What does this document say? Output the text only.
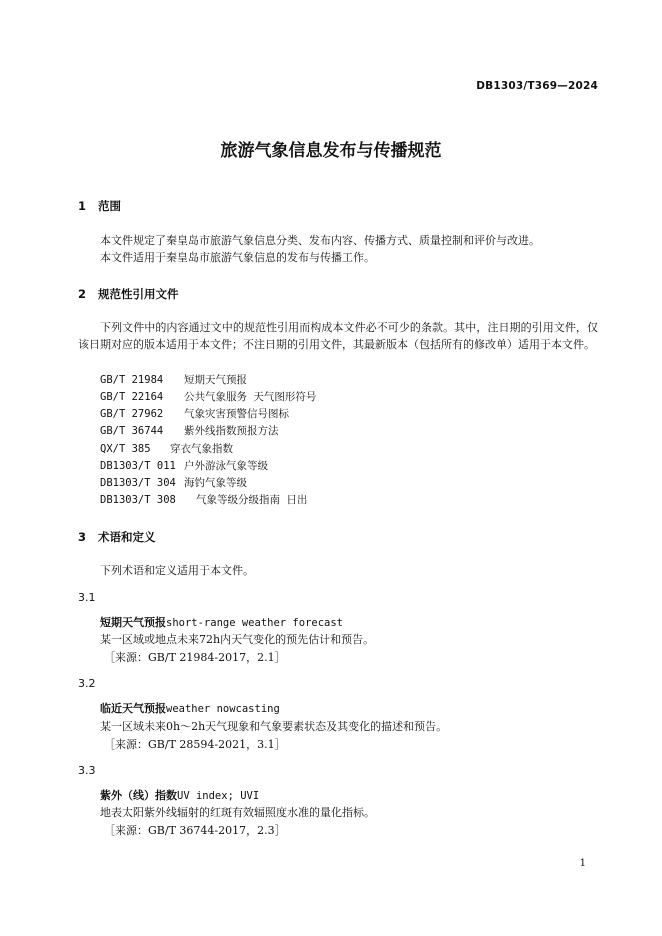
DB1303/T369—2024
旅游气象信息发布与传播规范
1 范围
本文件规定了秦皇岛市旅游气象信息分类、发布内容、传播方式、质量控制和评价与改进。
本文件适用于秦皇岛市旅游气象信息的发布与传播工作。
2 规范性引用文件
下列文件中的内容通过文中的规范性引用而构成本文件必不可少的条款。其中，注日期的引用文件，仅该日期对应的版本适用于本文件；不注日期的引用文件，其最新版本（包括所有的修改单）适用于本文件。
GB/T 21984 短期天气预报
GB/T 22164 公共气象服务 天气图形符号
GB/T 27962 气象灾害预警信号图标
GB/T 36744 紫外线指数预报方法
QX/T 385 穿衣气象指数
DB1303/T 011 户外游泳气象等级
DB1303/T 304 海钓气象等级
DB1303/T 308 气象等级分级指南 日出
3 术语和定义
下列术语和定义适用于本文件。
3.1
短期天气预报short-range weather forecast
某一区域或地点未来72h内天气变化的预先估计和预告。
［来源：GB/T 21984-2017，2.1］
3.2
临近天气预报weather nowcasting
某一区域未来0h～2h天气现象和气象要素状态及其变化的描述和预告。
［来源：GB/T 28594-2021，3.1］
3.3
紫外（线）指数UV index; UVI
地表太阳紫外线辐射的红斑有效辐照度水准的量化指标。
［来源：GB/T 36744-2017，2.3］
1
